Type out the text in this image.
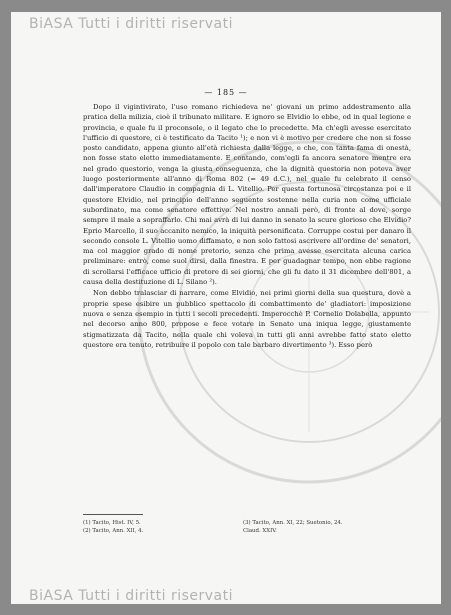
BiASA Tutti i diritti riservati
— 185 —

Dopo il vigintivirato, l'uso romano richiedeva ne' giovani un primo addestramento alla pratica della milizia, cioè il tribunato militare. E ignoro se Elvidio lo ebbe, od in qual legione e provincia, e quale fu il proconsole, o il legato che lo precedette. Ma ch'egli avesse esercitato l'ufficio di questore, ci è testificato da Tacito ¹); e non vi è motivo per credere che non si fosse posto candidato, appena giunto all'età richiesta dalla legge, e che, con tanta fama di onestà, non fosse stato eletto immediatamente. E contando, com'egli fa ancora senatore mentre era nel grado questorio, venga la giusta conseguenza, che la dignità questoria non poteva aver luogo posteriormente all'anno di Roma 802 (= 49 d.C.), nel quale fu celebrato il censo dall'imperatore Claudio in compagnia di L. Vitellio. Per questa fortunosa circostanza poi e il questore Elvidio, nel principio dell'anno seguente sostenne nella curia non come ufficiale subordinato, ma come senatore effettivo. Nel nostro annali però, di fronte al dove, sorge sempre il male a sopraffarlo. Chi mai avrà di lui danno in senato la scure glorioso che Elvidio? Eprio Marcello, il suo accanito nemico, la iniquità personificata. Corruppe costui per danaro il secondo console L. Vitellio uomo diffamato, e non solo fattosi ascrivere all'ordine de' senatori, ma col maggior grado di nome pretorio, senza che prima avesse esercitata alcuna carica preliminare: entrò, come suol dirsi, dalla finestra. E per guadagnar tempo, non ebbe ragione di scrollarsi l'efficace ufficio di pretore di sei giorni, che gli fu dato il 31 dicembre dell'801, a causa della destituzione di L. Silano ²).

Non debbo tralasciar di narrare, come Elvidio, nei primi giorni della sua questura, dovè a proprie spese esibire un pubblico spettacolo di combattimento de' gladiatori: imposizione nuova e senza esempio in tutti i secoli precedenti. Imperocchè P. Cornelio Dolabella, appunto nel decorso anno 800, propose e fece votare in Senato una iniqua legge, giustamente stigmatizzata da Tacito, nella quale chi voleva in tutti gli anni avrebbe fatto stato eletto questore era tenuto, retribuire il popolo con tale barbaro divertimento ³). Esso però

(1) Tacito, Hist. IV, 5.	(3) Tacito, Ann. XI, 22; Suetonio, 24.
(2) Tacito, Ann. XII, 4.	Claud. XXIV.
BiASA Tutti i diritti riservati
